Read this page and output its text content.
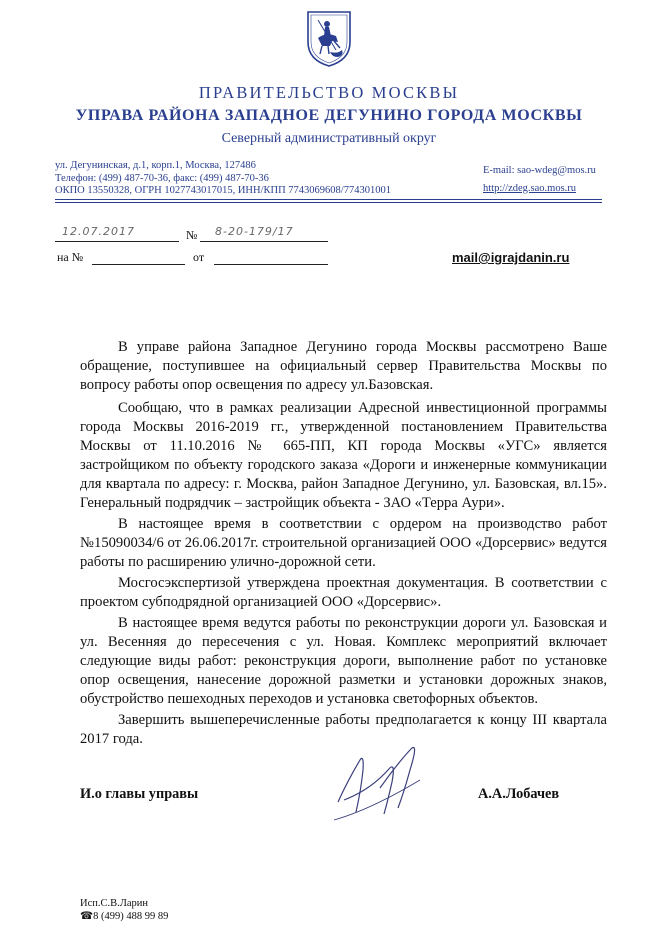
ПРАВИТЕЛЬСТВО МОСКВЫ
УПРАВА РАЙОНА ЗАПАДНОЕ ДЕГУНИНО ГОРОДА МОСКВЫ
Северный административный округ
ул. Дегунинская, д.1, корп.1, Москва, 127486
Телефон: (499) 487-70-36, факс: (499) 487-70-36
ОКПО 13550328, ОГРН 1027743017015, ИНН/КПП 7743069608/774301001
E-mail: sao-wdeg@mos.ru
http://zdeg.sao.mos.ru
12.07.2017	№ 8-20-179/17
на №	от	mail@igrajdanin.ru

В управе района Западное Дегунино города Москвы рассмотрено Ваше обращение, поступившее на официальный сервер Правительства Москвы по вопросу работы опор освещения по адресу ул.Базовская.

Сообщаю, что в рамках реализации Адресной инвестиционной программы города Москвы 2016-2019 гг., утвержденной постановлением Правительства Москвы от 11.10.2016 № 665-ПП, КП города Москвы «УГС» является застройщиком по объекту городского заказа «Дороги и инженерные коммуникации для квартала по адресу: г. Москва, район Западное Дегунино, ул. Базовская, вл.15». Генеральный подрядчик – застройщик объекта - ЗАО «Терра Аури».

В настоящее время в соответствии с ордером на производство работ №15090034/6 от 26.06.2017г. строительной организацией ООО «Дорсервис» ведутся работы по расширению улично-дорожной сети.

Мосгосэкспертизой утверждена проектная документация. В соответствии с проектом субподрядной организацией ООО «Дорсервис».

В настоящее время ведутся работы по реконструкции дороги ул. Базовская и ул. Весенняя до пересечения с ул. Новая. Комплекс мероприятий включает следующие виды работ: реконструкция дороги, выполнение работ по установке опор освещения, нанесение дорожной разметки и установки дорожных знаков, обустройство пешеходных переходов и установка светофорных объектов.

Завершить вышеперечисленные работы предполагается к концу III квартала 2017 года.

И.о главы управы	А.А.Лобачев
Исп.С.В.Ларин
☎8 (499) 488 99 89
